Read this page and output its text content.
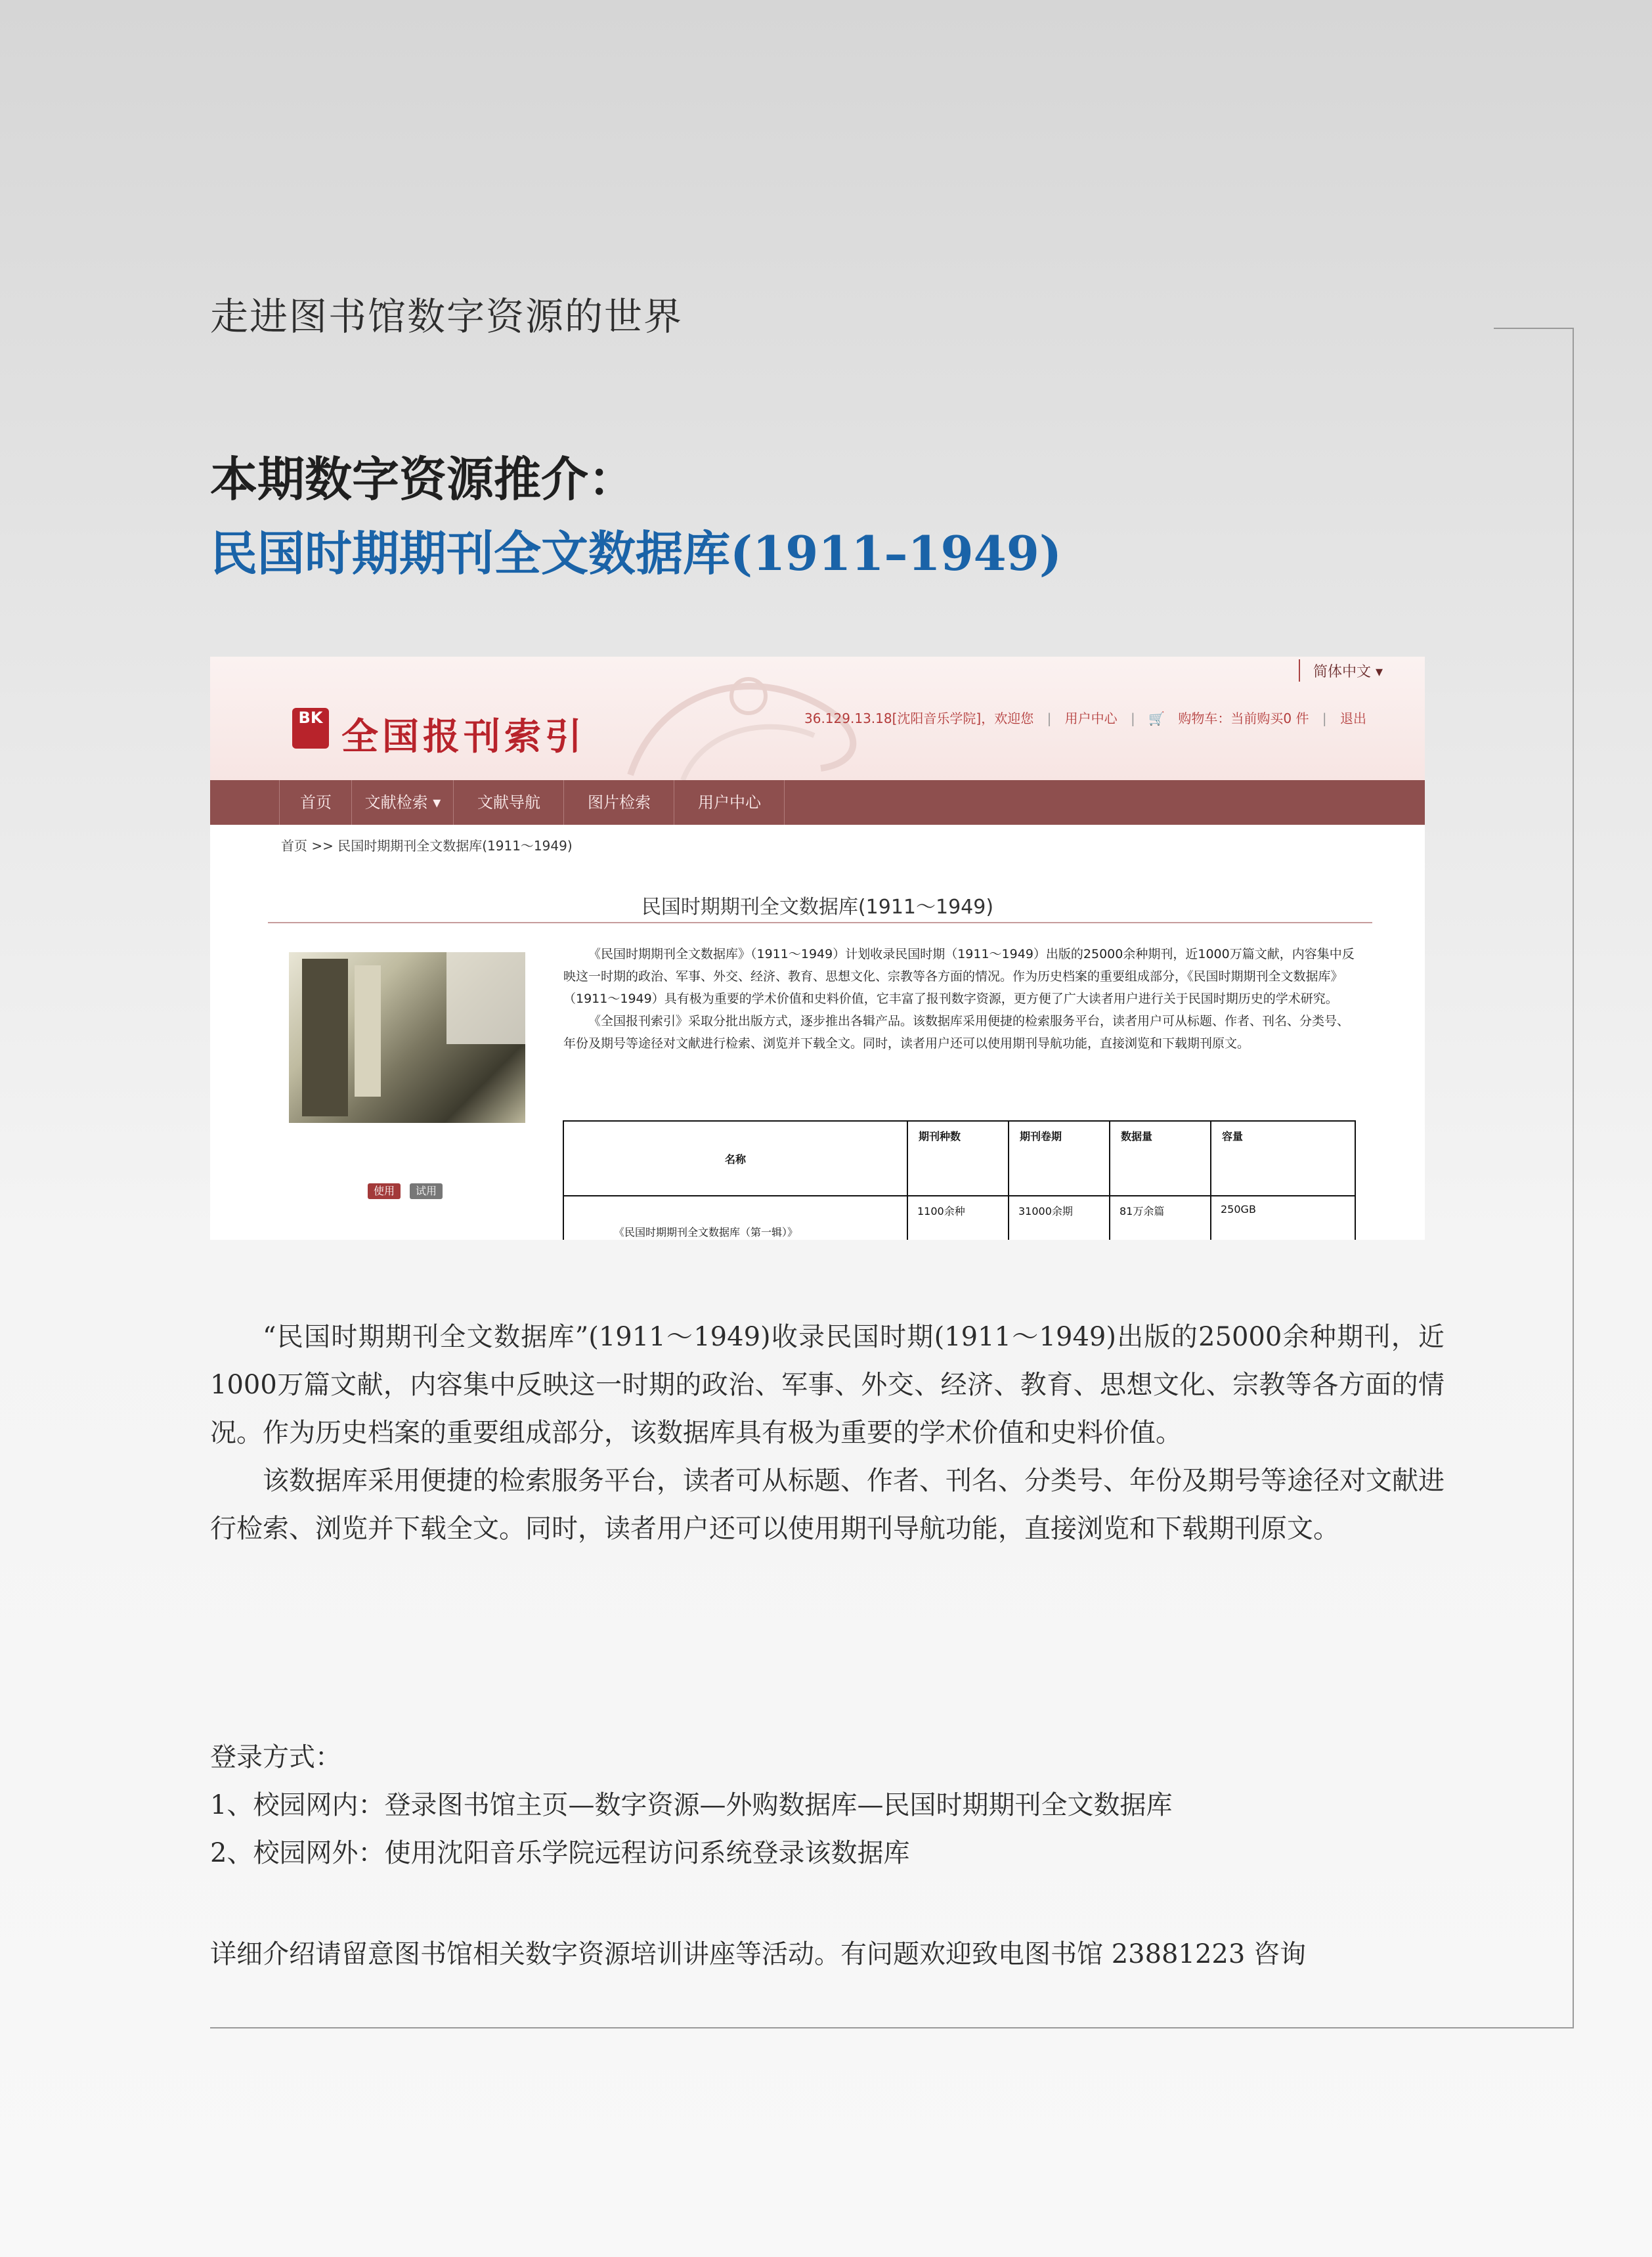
走进图书馆数字资源的世界
本期数字资源推介：
民国时期期刊全文数据库(1911–1949)
简体中文 ▾
BK 全国报刊索引	36.129.13.18[沈阳音乐学院]，欢迎您 | 用户中心 | 🛒 购物车：当前购买0 件 | 退出
首页	文献检索 ▾	文献导航	图片检索	用户中心
首页 >> 民国时期期刊全文数据库(1911～1949)
民国时期期刊全文数据库(1911～1949)
使用	试用

《民国时期期刊全文数据库》（1911～1949）计划收录民国时期（1911～1949）出版的25000余种期刊，近1000万篇文献，内容集中反映这一时期的政治、军事、外交、经济、教育、思想文化、宗教等各方面的情况。作为历史档案的重要组成部分，《民国时期期刊全文数据库》（1911～1949）具有极为重要的学术价值和史料价值，它丰富了报刊数字资源，更方便了广大读者用户进行关于民国时期历史的学术研究。

《全国报刊索引》采取分批出版方式，逐步推出各辑产品。该数据库采用便捷的检索服务平台，读者用户可从标题、作者、刊名、分类号、年份及期号等途径对文献进行检索、浏览并下载全文。同时，读者用户还可以使用期刊导航功能，直接浏览和下载期刊原文。

名称	期刊种数	期刊卷期	数据量	容量
《民国时期期刊全文数据库（第一辑）》	1100余种	31000余期	81万余篇	250GB

“民国时期期刊全文数据库”(1911～1949)收录民国时期(1911～1949)出版的25000余种期刊，近1000万篇文献，内容集中反映这一时期的政治、军事、外交、经济、教育、思想文化、宗教等各方面的情况。作为历史档案的重要组成部分，该数据库具有极为重要的学术价值和史料价值。

该数据库采用便捷的检索服务平台，读者可从标题、作者、刊名、分类号、年份及期号等途径对文献进行检索、浏览并下载全文。同时，读者用户还可以使用期刊导航功能，直接浏览和下载期刊原文。

登录方式：
1、校园网内：登录图书馆主页—数字资源—外购数据库—民国时期期刊全文数据库
2、校园网外：使用沈阳音乐学院远程访问系统登录该数据库
详细介绍请留意图书馆相关数字资源培训讲座等活动。有问题欢迎致电图书馆 23881223 咨询
